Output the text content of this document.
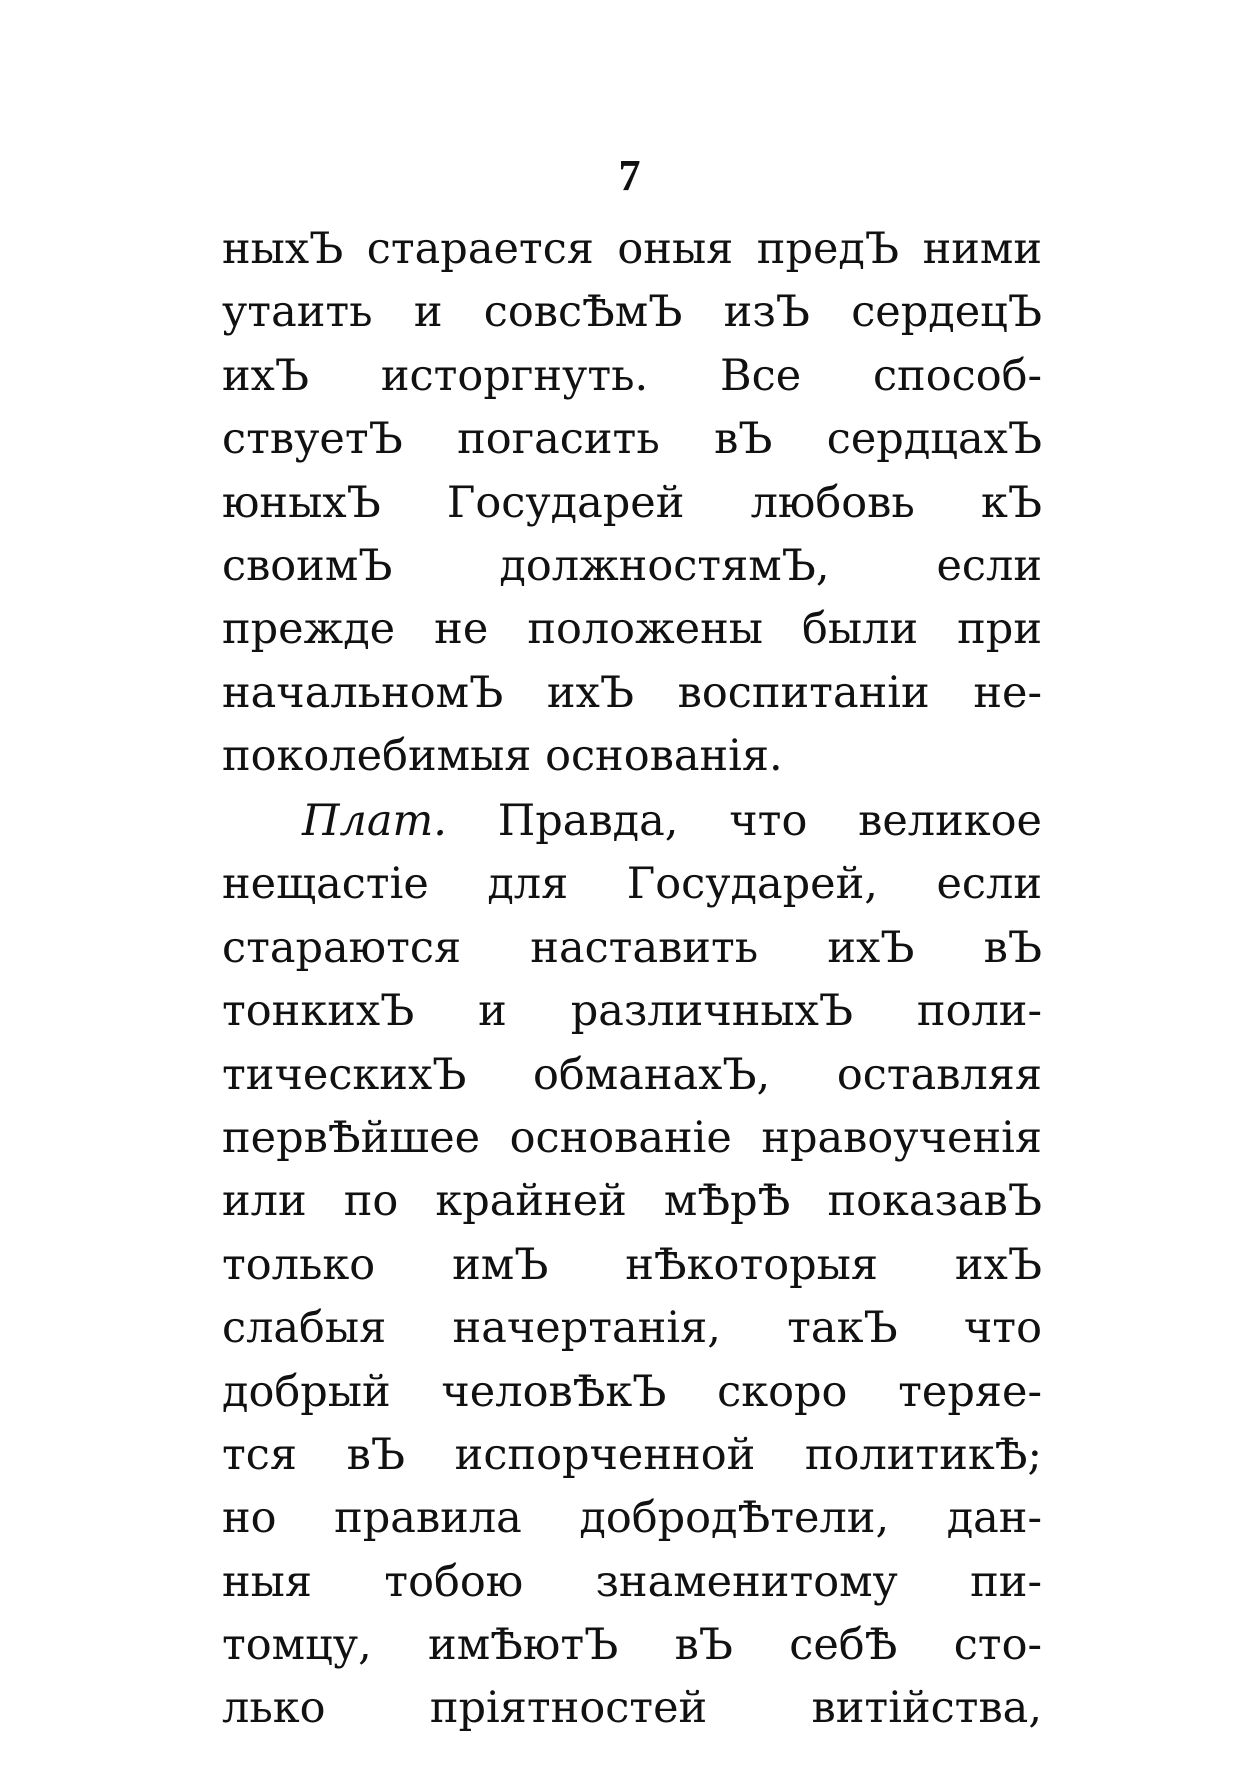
7
ныхЪ старается оныя предЪ ними
утаить и совсѢмЪ изЪ сердецЪ
ихЪ исторгнуть. Все способ-
ствуетЪ погасить вЪ сердцахЪ
юныхЪ Государей любовь кЪ
своимЪ должностямЪ, если
прежде не положены были при
начальномЪ ихЪ воспитанiи не-
поколебимыя основанiя.
Плат. Правда, что великое
нещастiе для Государей, если
стараются наставить ихЪ вЪ
тонкихЪ и различныхЪ поли-
тическихЪ обманахЪ, оставляя
первѢйшее основанiе нравоученiя
или по крайней мѢрѢ показавЪ
только имЪ нѢкоторыя ихЪ
слабыя начертанiя, такЪ что
добрый человѢкЪ скоро теряе-
тся вЪ испорченной политикѢ;
но правила добродѢтели, дан-
ныя тобою знаменитому пи-
томцу, имѢютЪ вЪ себѢ сто-
лько прiятностей витiйства,
